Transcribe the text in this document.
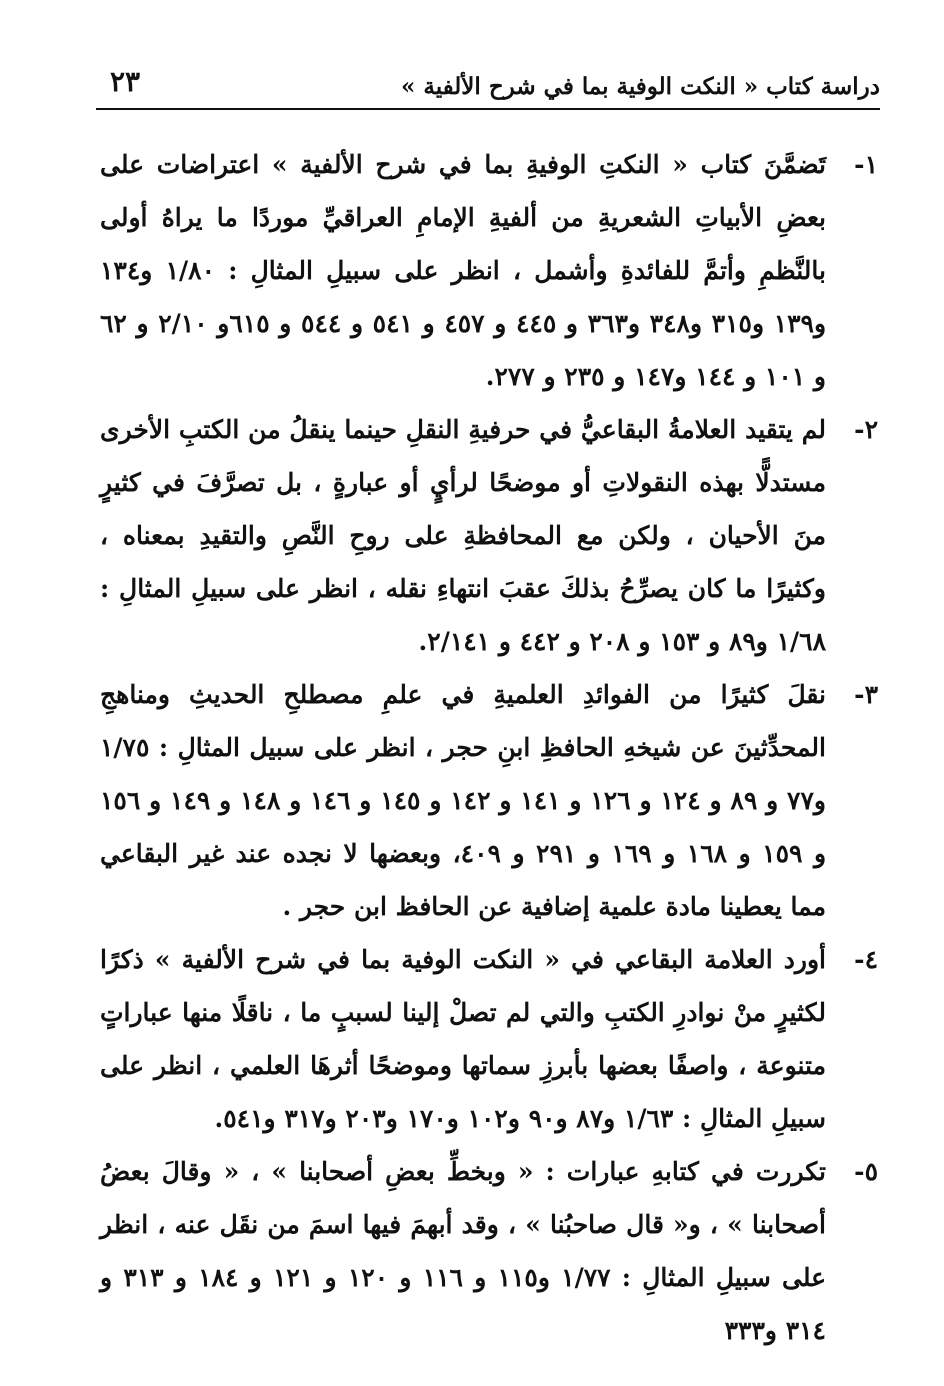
دراسة كتاب « النكت الوفية بما في شرح الألفية »
٢٣
١-
تَضمَّنَ كتاب « النكتِ الوفيةِ بما في شرح الألفية » اعتراضات على بعضِ الأبياتِ الشعريةِ من ألفيةِ الإمامِ العراقيِّ موردًا ما يراهُ أولى بالنَّظمِ وأتمَّ للفائدةِ وأشمل ، انظر على سبيلِ المثالِ : ١/٨٠ و١٣٤ و١٣٩ و٣١٥ و٣٤٨ و٣٦٣ و ٤٤٥ و ٤٥٧ و ٥٤١ و ٥٤٤ و ٦١٥و ٢/١٠ و ٦٢ و ١٠١ و ١٤٤ و١٤٧ و ٢٣٥ و ٢٧٧.
٢-
لم يتقيد العلامةُ البقاعيُّ في حرفيةِ النقلِ حينما ينقلُ من الكتبِ الأخرى مستدلًّا بهذه النقولاتِ أو موضحًا لرأيٍ أو عبارةٍ ، بل تصرَّفَ في كثيرٍ منَ الأحيان ، ولكن مع المحافظةِ على روحِ النَّصِ والتقيدِ بمعناه ، وكثيرًا ما كان يصرِّحُ بذلكَ عقبَ انتهاءِ نقله ، انظر على سبيلِ المثالِ : ١/٦٨ و٨٩ و ١٥٣ و ٢٠٨ و ٤٤٢ و ٢/١٤١.
٣-
نقلَ كثيرًا من الفوائدِ العلميةِ في علمِ مصطلحِ الحديثِ ومناهجِ المحدِّثينَ عن شيخهِ الحافظِ ابنِ حجر ، انظر على سبيل المثالِ : ١/٧٥ و٧٧ و ٨٩ و ١٢٤ و ١٢٦ و ١٤١ و ١٤٢ و ١٤٥ و ١٤٦ و ١٤٨ و ١٤٩ و ١٥٦ و ١٥٩ و ١٦٨ و ١٦٩ و ٢٩١ و ٤٠٩، وبعضها لا نجده عند غير البقاعي مما يعطينا مادة علمية إضافية عن الحافظ ابن حجر .
٤-
أورد العلامة البقاعي في « النكت الوفية بما في شرح الألفية » ذكرًا لكثيرٍ منْ نوادرِ الكتبِ والتي لم تصلْ إلينا لسببٍ ما ، ناقلًا منها عباراتٍ متنوعة ، واصفًا بعضها بأبرزِ سماتها وموضحًا أثرهَا العلمي ، انظر على سبيلِ المثالِ : ١/٦٣ و٨٧ و٩٠ و١٠٢ و١٧٠ و٢٠٣ و٣١٧ و٥٤١.
٥-
تكررت في كتابهِ عبارات : « وبخطِّ بعضِ أصحابنا » ، « وقالَ بعضُ أصحابنا » ، و« قال صاحبُنا » ، وقد أبهمَ فيها اسمَ من نقَل عنه ، انظر على سبيلِ المثالِ : ١/٧٧ و١١٥ و ١١٦ و ١٢٠ و ١٢١ و ١٨٤ و ٣١٣ و ٣١٤ و٣٣٣
